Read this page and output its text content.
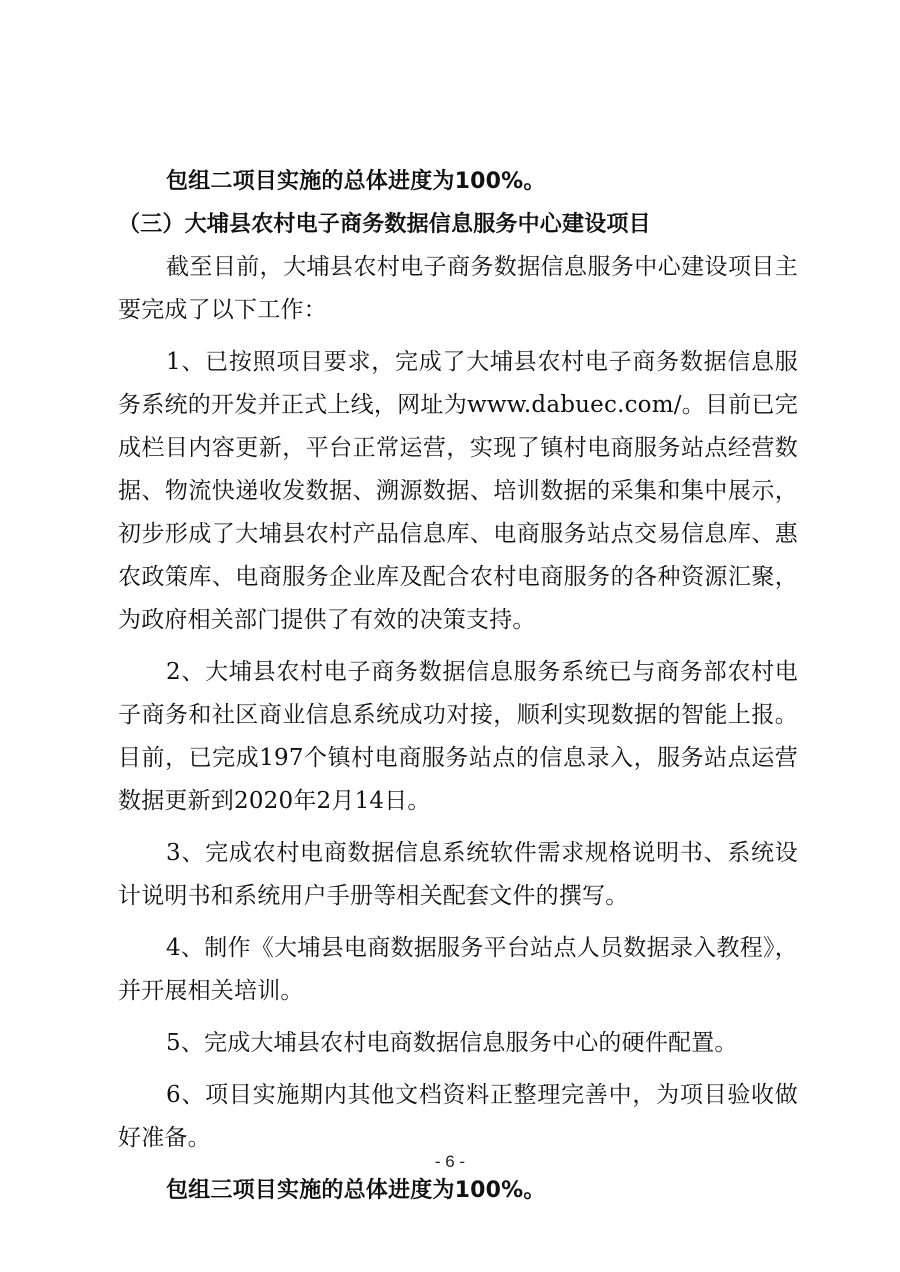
包组二项目实施的总体进度为100%。

（三）大埔县农村电子商务数据信息服务中心建设项目

截至目前，大埔县农村电子商务数据信息服务中心建设项目主要完成了以下工作：

1、已按照项目要求，完成了大埔县农村电子商务数据信息服务系统的开发并正式上线，网址为www.dabuec.com/。目前已完成栏目内容更新，平台正常运营，实现了镇村电商服务站点经营数据、物流快递收发数据、溯源数据、培训数据的采集和集中展示，初步形成了大埔县农村产品信息库、电商服务站点交易信息库、惠农政策库、电商服务企业库及配合农村电商服务的各种资源汇聚，为政府相关部门提供了有效的决策支持。

2、大埔县农村电子商务数据信息服务系统已与商务部农村电子商务和社区商业信息系统成功对接，顺利实现数据的智能上报。目前，已完成197个镇村电商服务站点的信息录入，服务站点运营数据更新到2020年2月14日。

3、完成农村电商数据信息系统软件需求规格说明书、系统设计说明书和系统用户手册等相关配套文件的撰写。

4、制作《大埔县电商数据服务平台站点人员数据录入教程》，并开展相关培训。

5、完成大埔县农村电商数据信息服务中心的硬件配置。

6、项目实施期内其他文档资料正整理完善中，为项目验收做好准备。

包组三项目实施的总体进度为100%。

- 6 -
